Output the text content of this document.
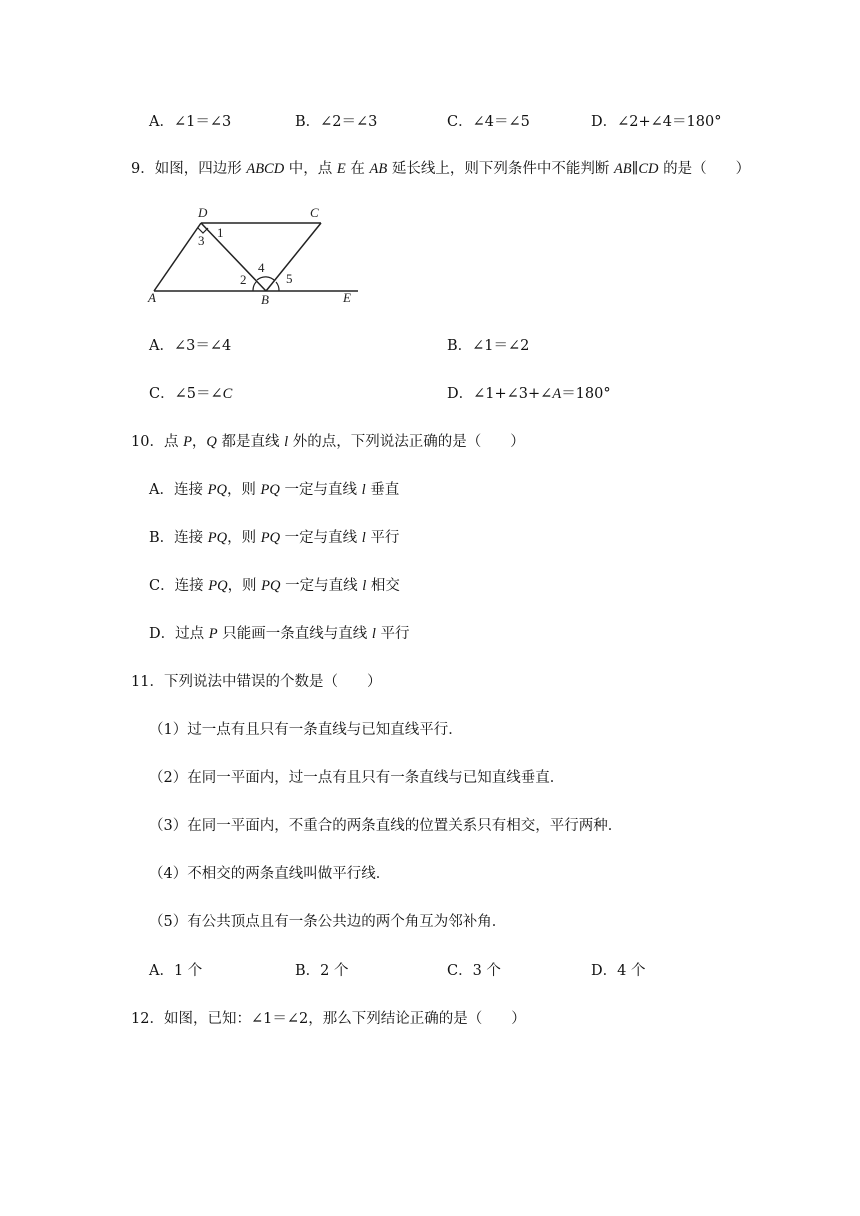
A．∠1＝∠3	B．∠2＝∠3	C．∠4＝∠5	D．∠2+∠4＝180°
9．如图，四边形 ABCD 中，点 E 在 AB 延长线上，则下列条件中不能判断 AB∥CD 的是（　　）
D	C
A	B	E
1
3
2
4
5
A．∠3＝∠4	B．∠1＝∠2
C．∠5＝∠C	D．∠1+∠3+∠A＝180°
10．点 P，Q 都是直线 l 外的点，下列说法正确的是（　　）
A．连接 PQ，则 PQ 一定与直线 l 垂直
B．连接 PQ，则 PQ 一定与直线 l 平行
C．连接 PQ，则 PQ 一定与直线 l 相交
D．过点 P 只能画一条直线与直线 l 平行
11．下列说法中错误的个数是（　　）
（1）过一点有且只有一条直线与已知直线平行．
（2）在同一平面内，过一点有且只有一条直线与已知直线垂直．
（3）在同一平面内，不重合的两条直线的位置关系只有相交，平行两种．
（4）不相交的两条直线叫做平行线．
（5）有公共顶点且有一条公共边的两个角互为邻补角．
A．1 个	B．2 个	C．3 个	D．4 个
12．如图，已知：∠1＝∠2，那么下列结论正确的是（　　）
